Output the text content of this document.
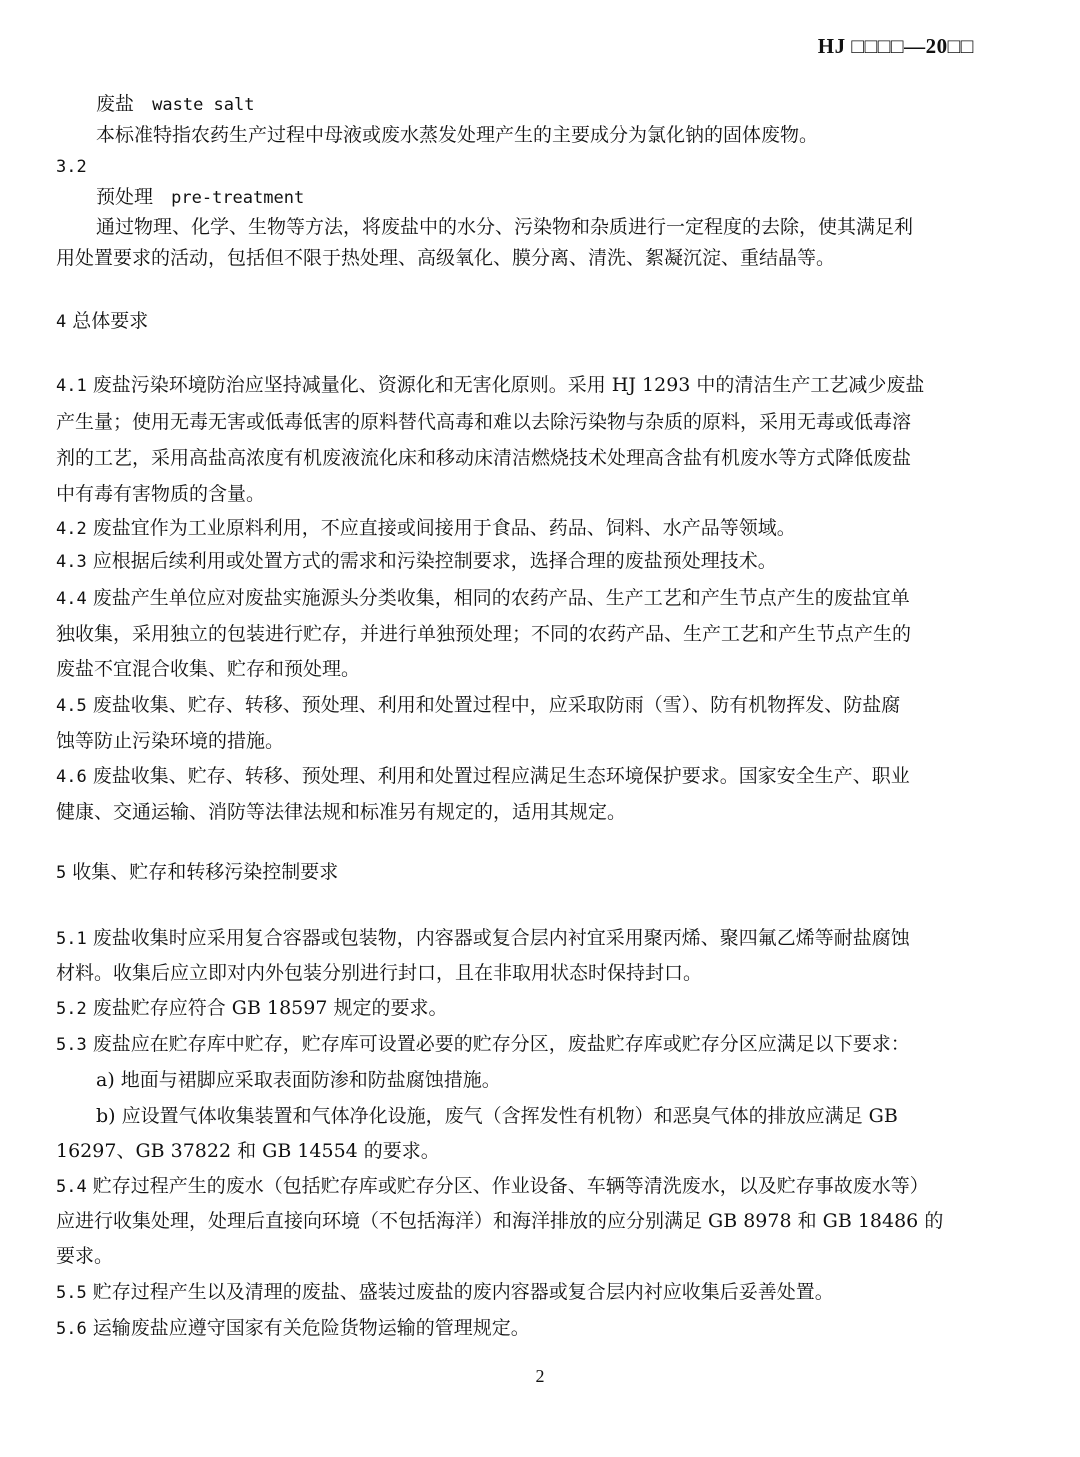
HJ □□□□—20□□
废盐 waste salt
本标准特指农药生产过程中母液或废水蒸发处理产生的主要成分为氯化钠的固体废物。
3.2
预处理 pre-treatment
通过物理、化学、生物等方法，将废盐中的水分、污染物和杂质进行一定程度的去除，使其满足利
用处置要求的活动，包括但不限于热处理、高级氧化、膜分离、清洗、絮凝沉淀、重结晶等。
4 总体要求
4.1 废盐污染环境防治应坚持减量化、资源化和无害化原则。采用 HJ 1293 中的清洁生产工艺减少废盐
产生量；使用无毒无害或低毒低害的原料替代高毒和难以去除污染物与杂质的原料，采用无毒或低毒溶
剂的工艺，采用高盐高浓度有机废液流化床和移动床清洁燃烧技术处理高含盐有机废水等方式降低废盐
中有毒有害物质的含量。
4.2 废盐宜作为工业原料利用，不应直接或间接用于食品、药品、饲料、水产品等领域。
4.3 应根据后续利用或处置方式的需求和污染控制要求，选择合理的废盐预处理技术。
4.4 废盐产生单位应对废盐实施源头分类收集，相同的农药产品、生产工艺和产生节点产生的废盐宜单
独收集，采用独立的包装进行贮存，并进行单独预处理；不同的农药产品、生产工艺和产生节点产生的
废盐不宜混合收集、贮存和预处理。
4.5 废盐收集、贮存、转移、预处理、利用和处置过程中，应采取防雨（雪）、防有机物挥发、防盐腐
蚀等防止污染环境的措施。
4.6 废盐收集、贮存、转移、预处理、利用和处置过程应满足生态环境保护要求。国家安全生产、职业
健康、交通运输、消防等法律法规和标准另有规定的，适用其规定。
5 收集、贮存和转移污染控制要求
5.1 废盐收集时应采用复合容器或包装物，内容器或复合层内衬宜采用聚丙烯、聚四氟乙烯等耐盐腐蚀
材料。收集后应立即对内外包装分别进行封口，且在非取用状态时保持封口。
5.2 废盐贮存应符合 GB 18597 规定的要求。
5.3 废盐应在贮存库中贮存，贮存库可设置必要的贮存分区，废盐贮存库或贮存分区应满足以下要求：
a) 地面与裙脚应采取表面防渗和防盐腐蚀措施。
b) 应设置气体收集装置和气体净化设施，废气（含挥发性有机物）和恶臭气体的排放应满足 GB
16297、GB 37822 和 GB 14554 的要求。
5.4 贮存过程产生的废水（包括贮存库或贮存分区、作业设备、车辆等清洗废水，以及贮存事故废水等）
应进行收集处理，处理后直接向环境（不包括海洋）和海洋排放的应分别满足 GB 8978 和 GB 18486 的
要求。
5.5 贮存过程产生以及清理的废盐、盛装过废盐的废内容器或复合层内衬应收集后妥善处置。
5.6 运输废盐应遵守国家有关危险货物运输的管理规定。
2
